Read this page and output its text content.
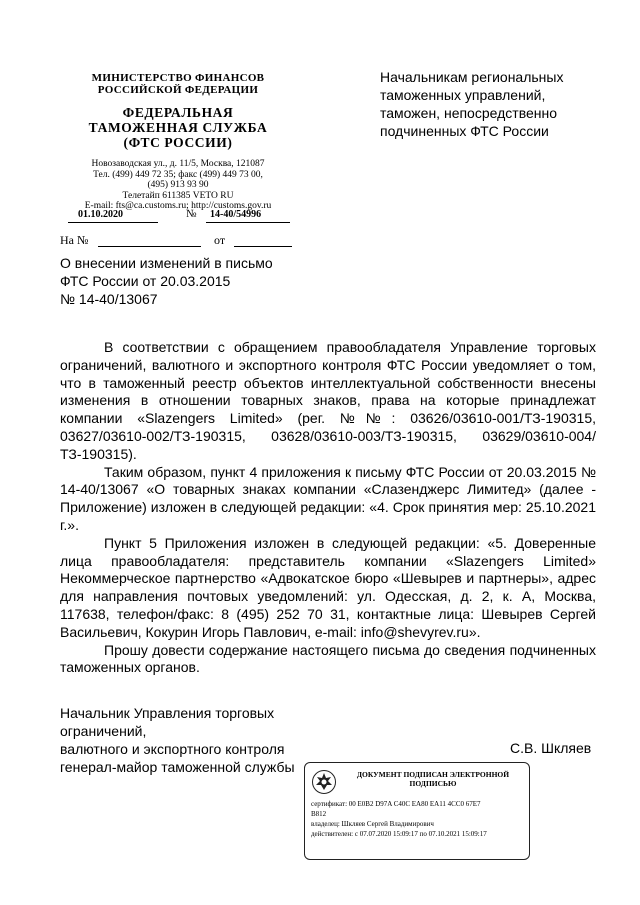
МИНИСТЕРСТВО ФИНАНСОВ
РОССИЙСКОЙ ФЕДЕРАЦИИ
ФЕДЕРАЛЬНАЯ
ТАМОЖЕННАЯ СЛУЖБА
(ФТС РОССИИ)
Новозаводская ул., д. 11/5, Москва, 121087
Тел. (499) 449 72 35; факс (499) 449 73 00,
(495) 913 93 90
Телетайп 611385 VETO RU
E-mail: fts@ca.customs.ru; http://customs.gov.ru
01.10.2020	№ 14-40/54996
На №	от
О внесении изменений в письмо
ФТС России от 20.03.2015
№ 14-40/13067
Начальникам региональных
таможенных управлений,
таможен, непосредственно
подчиненных ФТС России

В соответствии с обращением правообладателя Управление торговых ограничений, валютного и экспортного контроля ФТС России уведомляет о том, что в таможенный реестр объектов интеллектуальной собственности внесены изменения в отношении товарных знаков, права на которые принадлежат компании «Slazengers Limited» (рег. №№: 03626/03610-001/ТЗ-190315, 03627/03610-002/ТЗ-190315, 03628/03610-003/ТЗ-190315, 03629/03610-004/ТЗ-190315).

Таким образом, пункт 4 приложения к письму ФТС России от 20.03.2015 № 14-40/13067 «О товарных знаках компании «Слазенджерс Лимитед» (далее - Приложение) изложен в следующей редакции: «4. Срок принятия мер: 25.10.2021 г.».

Пункт 5 Приложения изложен в следующей редакции: «5. Доверенные лица правообладателя: представитель компании «Slazengers Limited» Некоммерческое партнерство «Адвокатское бюро «Шевырев и партнеры», адрес для направления почтовых уведомлений: ул. Одесская, д. 2, к. А, Москва, 117638, телефон/факс: 8 (495) 252 70 31, контактные лица: Шевырев Сергей Васильевич, Кокурин Игорь Павлович, e-mail: info@shevyrev.ru».

Прошу довести содержание настоящего письма до сведения подчиненных таможенных органов.

Начальник Управления торговых ограничений,
валютного и экспортного контроля
генерал-майор таможенной службы
С.В. Шкляев
ДОКУМЕНТ ПОДПИСАН ЭЛЕКТРОННОЙ
ПОДПИСЬЮ
сертификат: 00 E0B2 D97A C40C EA80 EA11 4CC0 67E7
B812
владелец: Шкляев Сергей Владимирович
действителен: с 07.07.2020 15:09:17 по 07.10.2021 15:09:17
